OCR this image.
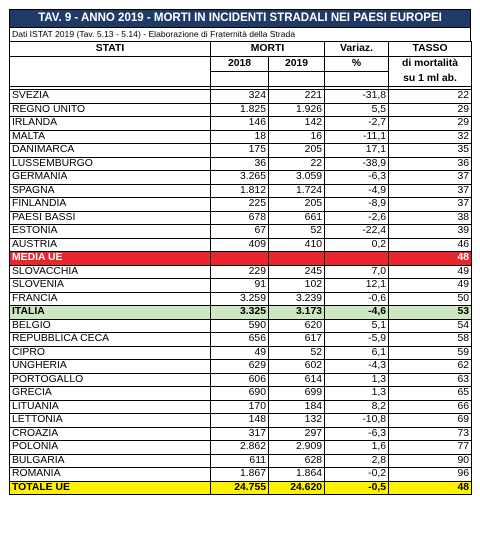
TAV. 9 - ANNO 2019 - MORTI IN INCIDENTI STRADALI NEI PAESI EUROPEI
Dati ISTAT 2019 (Tav. 5.13 - 5.14) - Elaborazione di Fraternità della Strada
STATI	MORTI		Variaz.	TASSO
	2018	2019	%	di mortalità
				su 1 ml ab.

SVEZIA	324	221	-31,8	22
REGNO UNITO	1.825	1.926	5,5	29
IRLANDA	146	142	-2,7	29
MALTA	18	16	-11,1	32
DANIMARCA	175	205	17,1	35
LUSSEMBURGO	36	22	-38,9	36
GERMANIA	3.265	3.059	-6,3	37
SPAGNA	1.812	1.724	-4,9	37
FINLANDIA	225	205	-8,9	37
PAESI BASSI	678	661	-2,6	38
ESTONIA	67	52	-22,4	39
AUSTRIA	409	410	0,2	46
MEDIA UE				48
SLOVACCHIA	229	245	7,0	49
SLOVENIA	91	102	12,1	49
FRANCIA	3.259	3.239	-0,6	50
ITALIA	3.325	3.173	-4,6	53
BELGIO	590	620	5,1	54
REPUBBLICA CECA	656	617	-5,9	58
CIPRO	49	52	6,1	59
UNGHERIA	629	602	-4,3	62
PORTOGALLO	606	614	1,3	63
GRECIA	690	699	1,3	65
LITUANIA	170	184	8,2	66
LETTONIA	148	132	-10,8	69
CROAZIA	317	297	-6,3	73
POLONIA	2.862	2.909	1,6	77
BULGARIA	611	628	2,8	90
ROMANIA	1.867	1.864	-0,2	96
TOTALE UE	24.755	24.620	-0,5	48
